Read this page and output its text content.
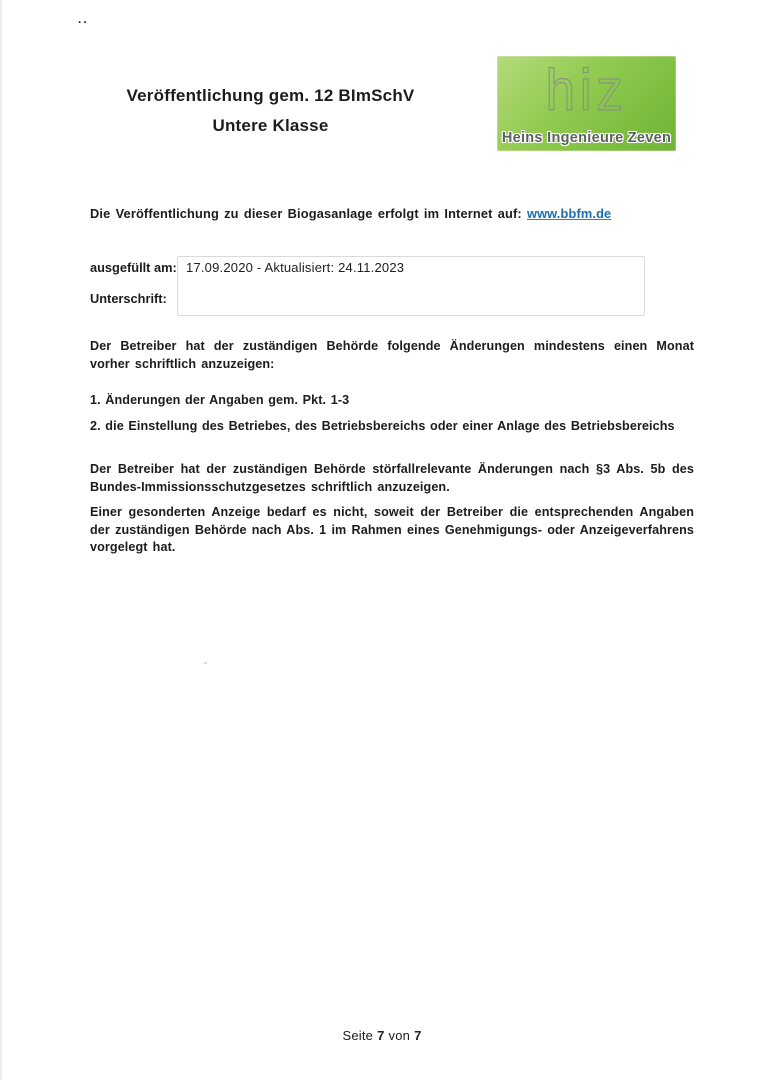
..
Veröffentlichung gem. 12 BImSchV
Untere Klasse
hiz
Heins Ingenieure Zeven
Die Veröffentlichung zu dieser Biogasanlage erfolgt im Internet auf: www.bbfm.de
ausgefüllt am: 17.09.2020 - Aktualisiert: 24.11.2023
Unterschrift:
Der Betreiber hat der zuständigen Behörde folgende Änderungen mindestens einen Monat vorher schriftlich anzuzeigen:
1. Änderungen der Angaben gem. Pkt. 1-3
2. die Einstellung des Betriebes, des Betriebsbereichs oder einer Anlage des Betriebsbereichs
Der Betreiber hat der zuständigen Behörde störfallrelevante Änderungen nach §3 Abs. 5b des Bundes-Immissionsschutzgesetzes schriftlich anzuzeigen.
Einer gesonderten Anzeige bedarf es nicht, soweit der Betreiber die entsprechenden Angaben der zuständigen Behörde nach Abs. 1 im Rahmen eines Genehmigungs- oder Anzeigeverfahrens vorgelegt hat.
Seite 7 von 7
